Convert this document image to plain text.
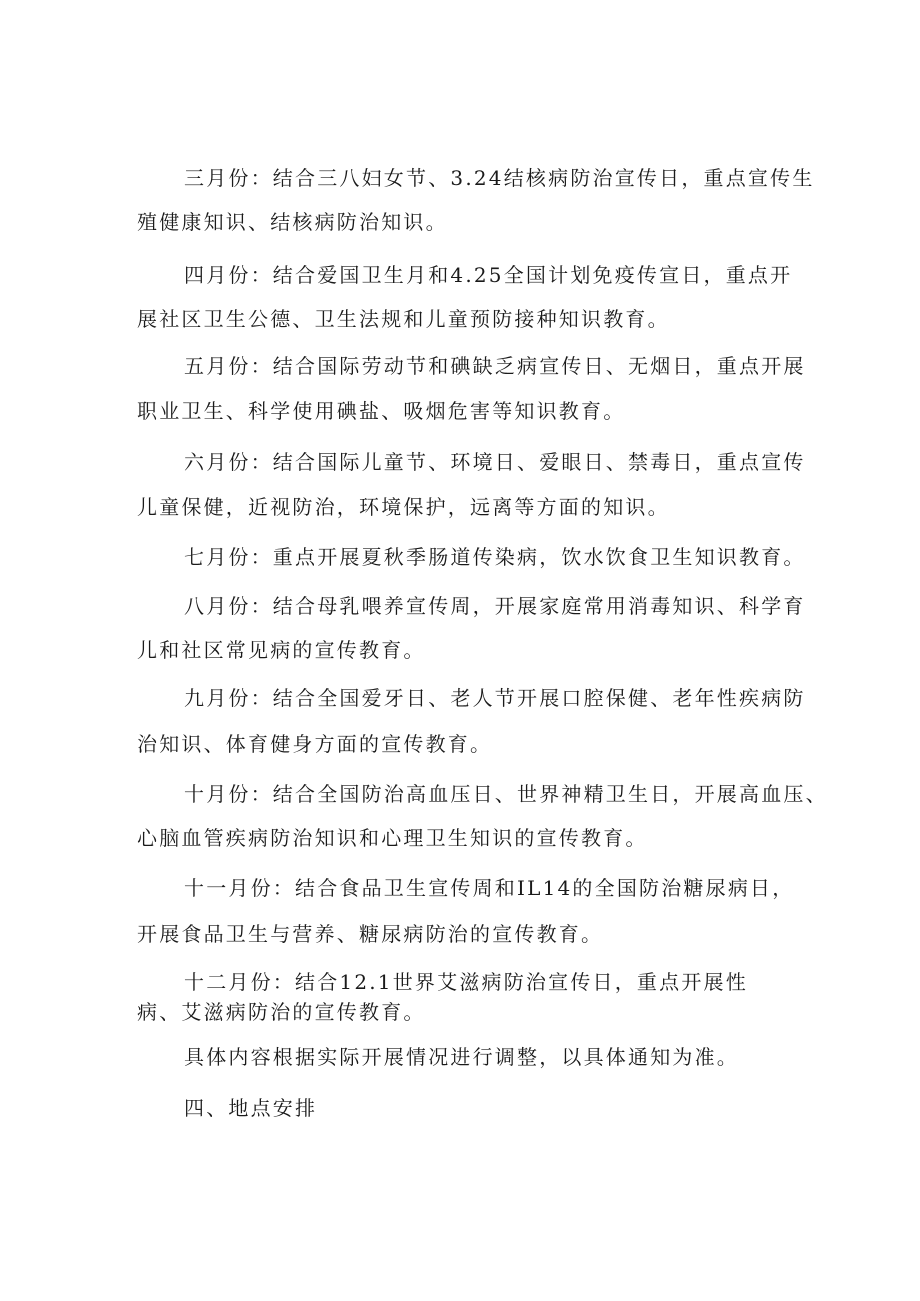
三月份：结合三八妇女节、3.24结核病防治宣传日，重点宣传生
殖健康知识、结核病防治知识。
四月份：结合爱国卫生月和4.25全国计划免疫传宣日，重点开
展社区卫生公德、卫生法规和儿童预防接种知识教育。
五月份：结合国际劳动节和碘缺乏病宣传日、无烟日，重点开展
职业卫生、科学使用碘盐、吸烟危害等知识教育。
六月份：结合国际儿童节、环境日、爱眼日、禁毒日，重点宣传
儿童保健，近视防治，环境保护，远离等方面的知识。
七月份：重点开展夏秋季肠道传染病，饮水饮食卫生知识教育。
八月份：结合母乳喂养宣传周，开展家庭常用消毒知识、科学育
儿和社区常见病的宣传教育。
九月份：结合全国爱牙日、老人节开展口腔保健、老年性疾病防
治知识、体育健身方面的宣传教育。
十月份：结合全国防治高血压日、世界神精卫生日，开展高血压、
心脑血管疾病防治知识和心理卫生知识的宣传教育。
十一月份：结合食品卫生宣传周和IL14的全国防治糖尿病日，
开展食品卫生与营养、糖尿病防治的宣传教育。
十二月份：结合12.1世界艾滋病防治宣传日，重点开展性
病、艾滋病防治的宣传教育。
具体内容根据实际开展情况进行调整，以具体通知为准。
四、地点安排
